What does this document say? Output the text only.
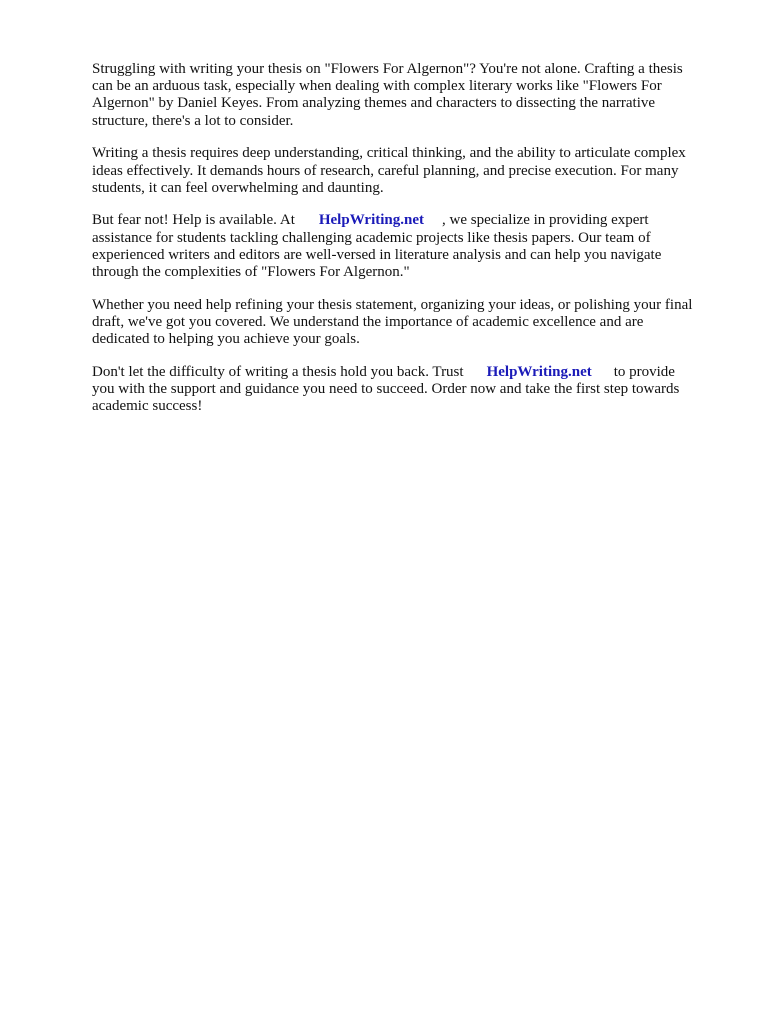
Struggling with writing your thesis on "Flowers For Algernon"? You're not alone. Crafting a thesis
can be an arduous task, especially when dealing with complex literary works like "Flowers For
Algernon" by Daniel Keyes. From analyzing themes and characters to dissecting the narrative
structure, there's a lot to consider.

Writing a thesis requires deep understanding, critical thinking, and the ability to articulate complex
ideas effectively. It demands hours of research, careful planning, and precise execution. For many
students, it can feel overwhelming and daunting.

But fear not! Help is available. At HelpWriting.net , we specialize in providing expert
assistance for students tackling challenging academic projects like thesis papers. Our team of
experienced writers and editors are well-versed in literature analysis and can help you navigate
through the complexities of "Flowers For Algernon."

Whether you need help refining your thesis statement, organizing your ideas, or polishing your final
draft, we've got you covered. We understand the importance of academic excellence and are
dedicated to helping you achieve your goals.

Don't let the difficulty of writing a thesis hold you back. Trust HelpWriting.net to provide
you with the support and guidance you need to succeed. Order now and take the first step towards
academic success!
